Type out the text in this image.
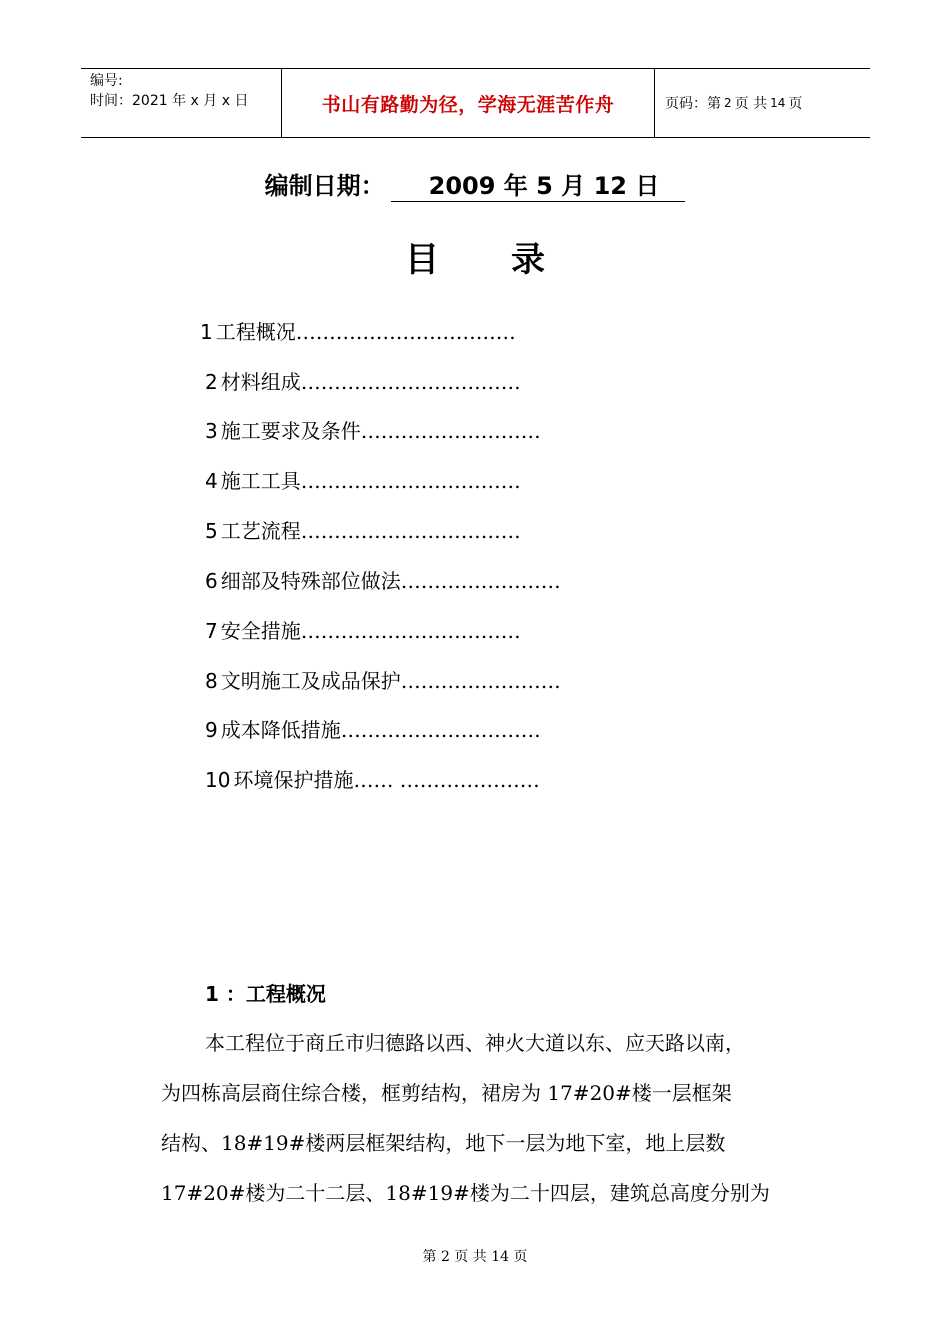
编号:
时间：2021 年 x 月 x 日	书山有路勤为径，学海无涯苦作舟	页码：第 2 页 共 14 页
编制日期： 2009 年 5 月 12 日
目录
1 工程概况……………………………
2 材料组成……………………………
3 施工要求及条件………………………
4 施工工具……………………………
5 工艺流程……………………………
6 细部及特殊部位做法……………………
7 安全措施……………………………
8 文明施工及成品保护……………………
9 成本降低措施…………………………
10 环境保护措施…… …………………
1 ：工程概况
本工程位于商丘市归德路以西、神火大道以东、应天路以南，
为四栋高层商住综合楼，框剪结构，裙房为 17#20#楼一层框架
结构、18#19#楼两层框架结构，地下一层为地下室，地上层数
17#20#楼为二十二层、18#19#楼为二十四层，建筑总高度分别为
第 2 页 共 14 页
